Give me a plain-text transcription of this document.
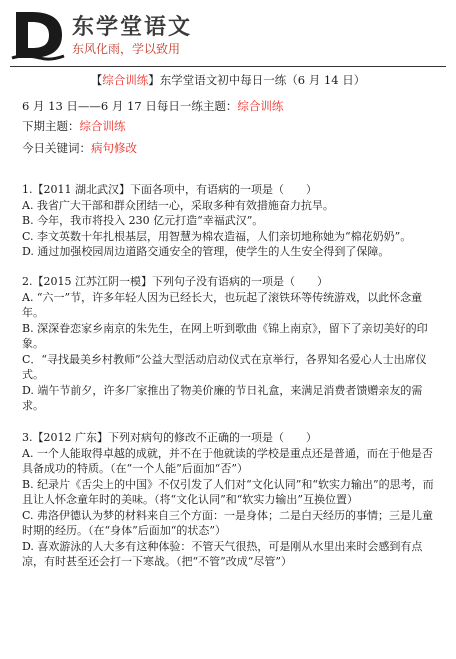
东学堂语文
东风化雨，学以致用
【综合训练】东学堂语文初中每日一练（6 月 14 日）
6 月 13 日——6 月 17 日每日一练主题：综合训练
下期主题：综合训练
今日关键词：病句修改

1.【2011 湖北武汉】下面各项中，有语病的一项是（　　）

A. 我省广大干部和群众团结一心，采取多种有效措施奋力抗旱。

B. 今年，我市将投入 230 亿元打造“幸福武汉”。

C. 李文英数十年扎根基层，用智慧为棉农造福，人们亲切地称她为“棉花奶奶”。

D. 通过加强校园周边道路交通安全的管理，使学生的人生安全得到了保障。

2.【2015 江苏江阴一模】下列句子没有语病的一项是（　　）

A. “六一”节，许多年轻人因为已经长大，也玩起了滚铁环等传统游戏，以此怀念童年。

B. 深深眷恋家乡南京的朱先生，在网上听到歌曲《锦上南京》，留下了亲切美好的印象。

C．“寻找最美乡村教师”公益大型活动启动仪式在京举行，各界知名爱心人士出席仪式。

D. 端午节前夕，许多厂家推出了物美价廉的节日礼盒，来满足消费者馈赠亲友的需求。

3.【2012 广东】下列对病句的修改不正确的一项是（　　）

A. 一个人能取得卓越的成就，并不在于他就读的学校是重点还是普通，而在于他是否具备成功的特质。（在“一个人能”后面加“否”）

B. 纪录片《舌尖上的中国》不仅引发了人们对“文化认同”和“软实力输出”的思考，而且让人怀念童年时的美味。（将“文化认同”和“软实力输出”互换位置）

C. 弗洛伊德认为梦的材料来自三个方面：一是身体；二是白天经历的事情；三是儿童时期的经历。（在“身体”后面加“的状态”）

D. 喜欢游泳的人大多有这种体验：不管天气很热，可是刚从水里出来时会感到有点凉，有时甚至还会打一下寒战。（把“不管”改成“尽管”）
